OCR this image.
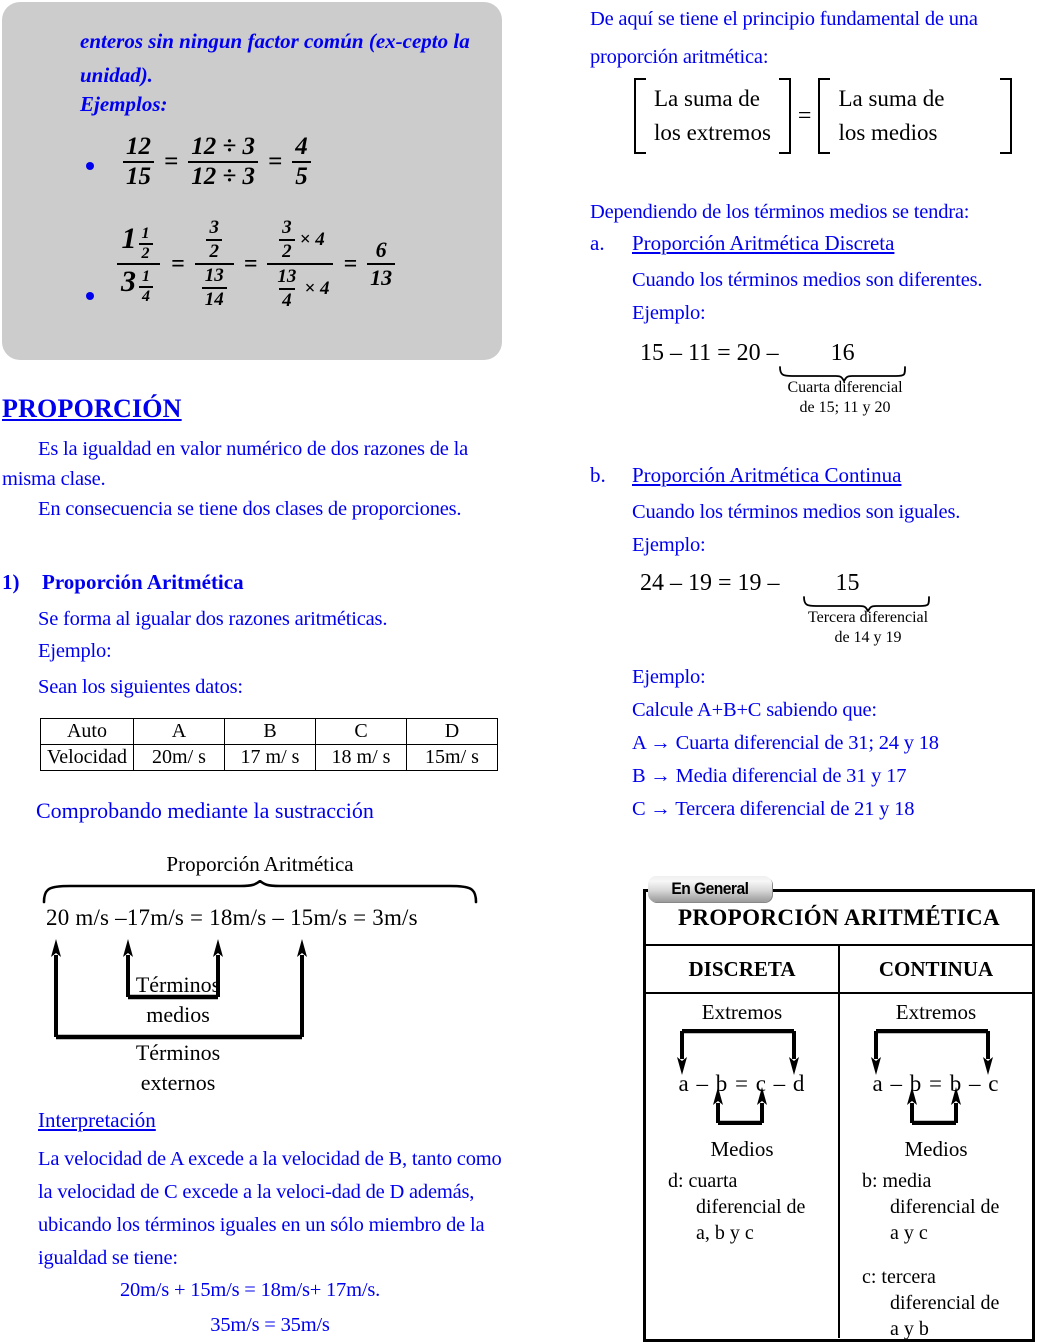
enteros sin ningun factor común (ex-cepto la unidad).
Ejemplos:
$\frac{12}{15} = \frac{12 \div 3}{12 \div 3} = \frac{4}{5}$
$\frac{1 \frac{1}{2}}{3 \frac{1}{4}} = \frac{\frac{3}{2}}{\frac{13}{14}} = \frac{\frac{3}{2} \times 4}{\frac{13}{4} \times 4} = \frac{6}{13}$
PROPORCIÓN
Es la igualdad en valor numérico de dos razones de la misma clase.
En consecuencia se tiene dos clases de proporciones.
1) Proporción Aritmética
Se forma al igualar dos razones aritméticas.
Ejemplo:
Sean los siguientes datos:
Auto	A	B	C	D
Velocidad	20m/ s	17 m/ s	18 m/ s	15m/ s
Comprobando mediante la sustracción
Proporción Aritmética
20 m/s –17m/s = 18m/s – 15m/s = 3m/s
Términos
medios
Términos
externos
Interpretación
La velocidad de A excede a la velocidad de B, tanto como la velocidad de C excede a la veloci-dad de D además, ubicando los términos iguales en un sólo miembro de la igualdad se tiene:
20m/s + 15m/s = 18m/s+ 17m/s.
35m/s = 35m/s
De aquí se tiene el principio fundamental de una proporción aritmética:
La suma de
los extremos
=
La suma de
los medios
Dependiendo de los términos medios se tendra:
a. Proporción Aritmética Discreta
Cuando los términos medios son diferentes.
Ejemplo:
15 – 11 = 20 –	16
Cuarta diferencial
de 15; 11 y 20
b. Proporción Aritmética Continua
Cuando los términos medios son iguales.
Ejemplo:
24 – 19 = 19 –	15
Tercera diferencial
de 14 y 19
Ejemplo:
Calcule A+B+C sabiendo que:
A → Cuarta diferencial de 31; 24 y 18
B → Media diferencial de 31 y 17
C → Tercera diferencial de 21 y 18
PROPORCIÓN ARITMÉTICA
DISCRETA	CONTINUA
Extremos
a – b = c – d
Medios
d: cuarta
diferencial de
a, b y c
Extremos
a – b = b – c
Medios
b: media
diferencial de
a y c
c: tercera
diferencial de
a y b
En General
